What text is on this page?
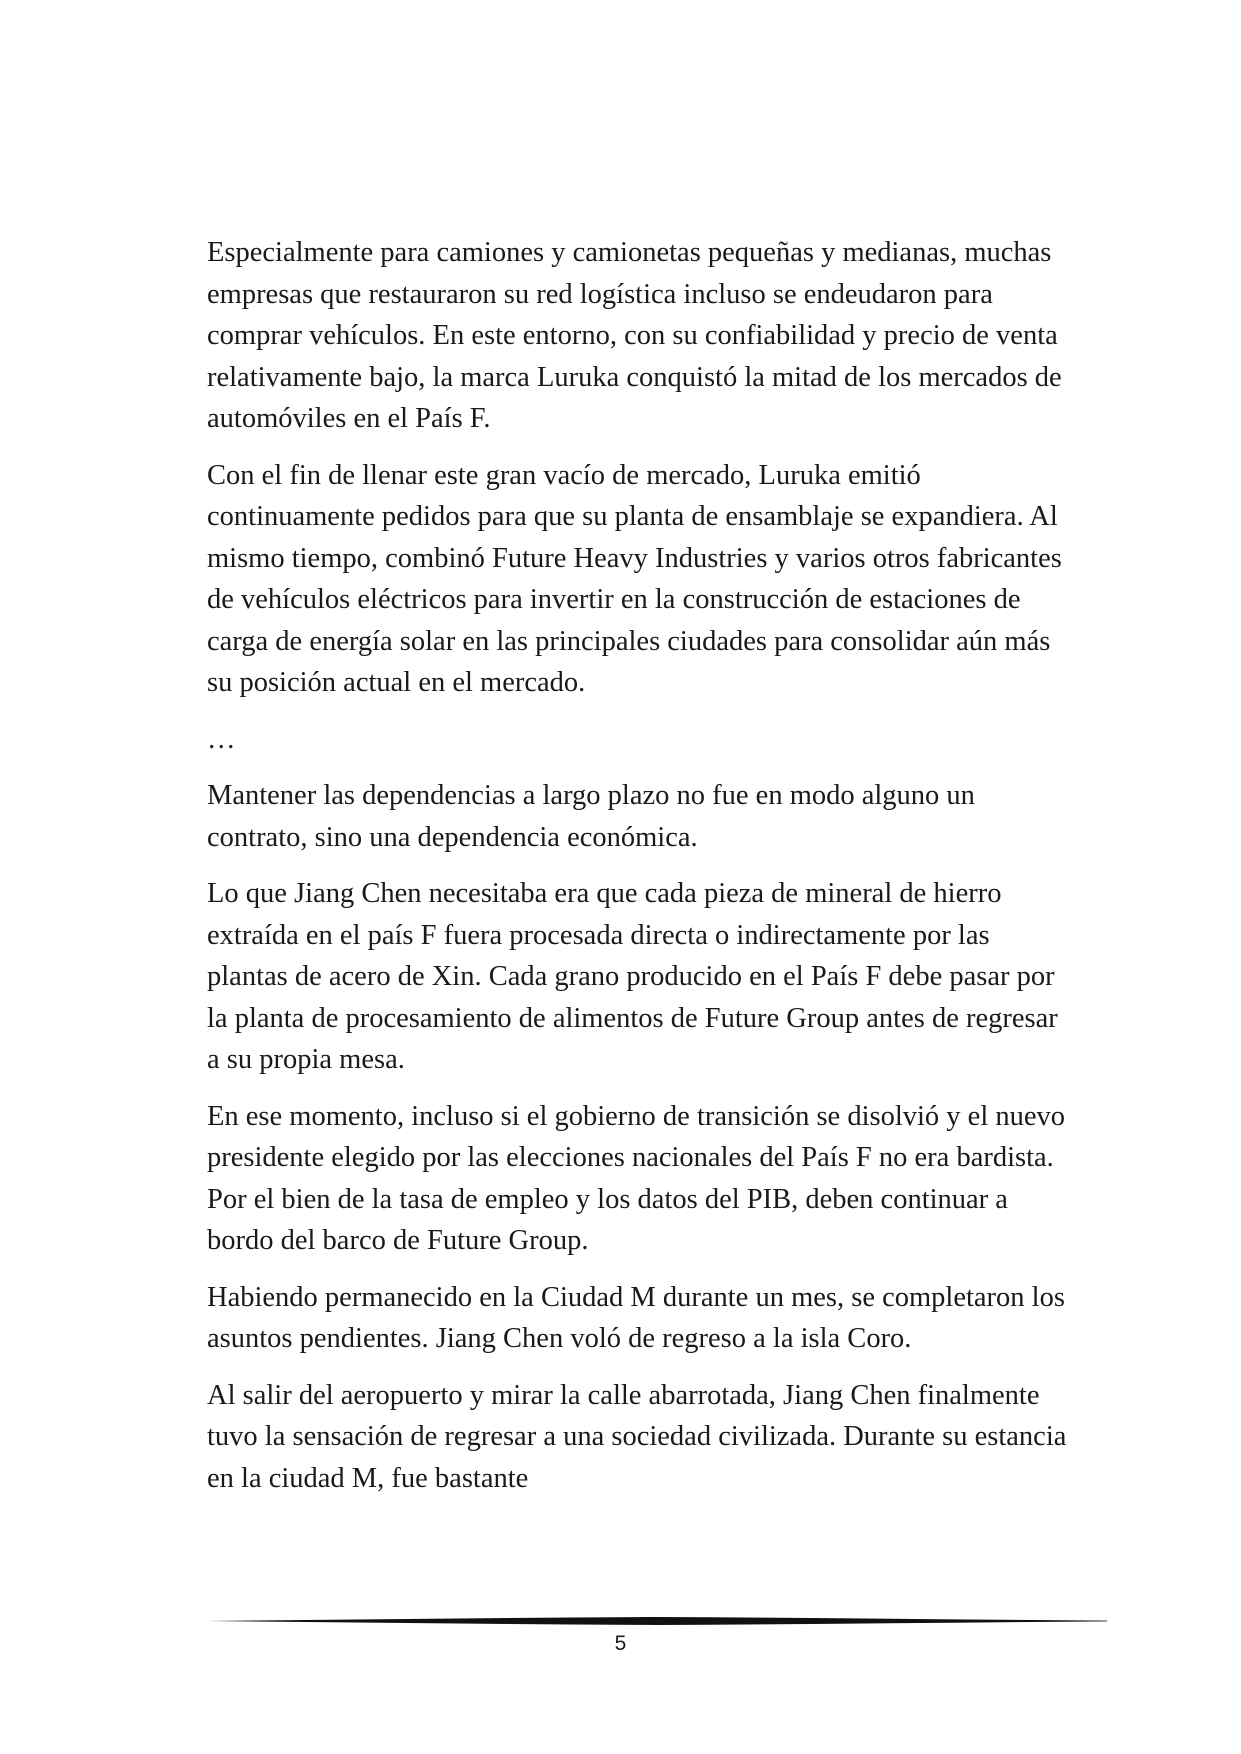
Especialmente para camiones y camionetas pequeñas y medianas, muchas empresas que restauraron su red logística incluso se endeudaron para comprar vehículos. En este entorno, con su confiabilidad y precio de venta relativamente bajo, la marca Luruka conquistó la mitad de los mercados de automóviles en el País F.

Con el fin de llenar este gran vacío de mercado, Luruka emitió continuamente pedidos para que su planta de ensamblaje se expandiera. Al mismo tiempo, combinó Future Heavy Industries y varios otros fabricantes de vehículos eléctricos para invertir en la construcción de estaciones de carga de energía solar en las principales ciudades para consolidar aún más su posición actual en el mercado.

…

Mantener las dependencias a largo plazo no fue en modo alguno un contrato, sino una dependencia económica.

Lo que Jiang Chen necesitaba era que cada pieza de mineral de hierro extraída en el país F fuera procesada directa o indirectamente por las plantas de acero de Xin. Cada grano producido en el País F debe pasar por la planta de procesamiento de alimentos de Future Group antes de regresar a su propia mesa.

En ese momento, incluso si el gobierno de transición se disolvió y el nuevo presidente elegido por las elecciones nacionales del País F no era bardista. Por el bien de la tasa de empleo y los datos del PIB, deben continuar a bordo del barco de Future Group.

Habiendo permanecido en la Ciudad M durante un mes, se completaron los asuntos pendientes. Jiang Chen voló de regreso a la isla Coro.

Al salir del aeropuerto y mirar la calle abarrotada, Jiang Chen finalmente tuvo la sensación de regresar a una sociedad civilizada. Durante su estancia en la ciudad M, fue bastante

5
